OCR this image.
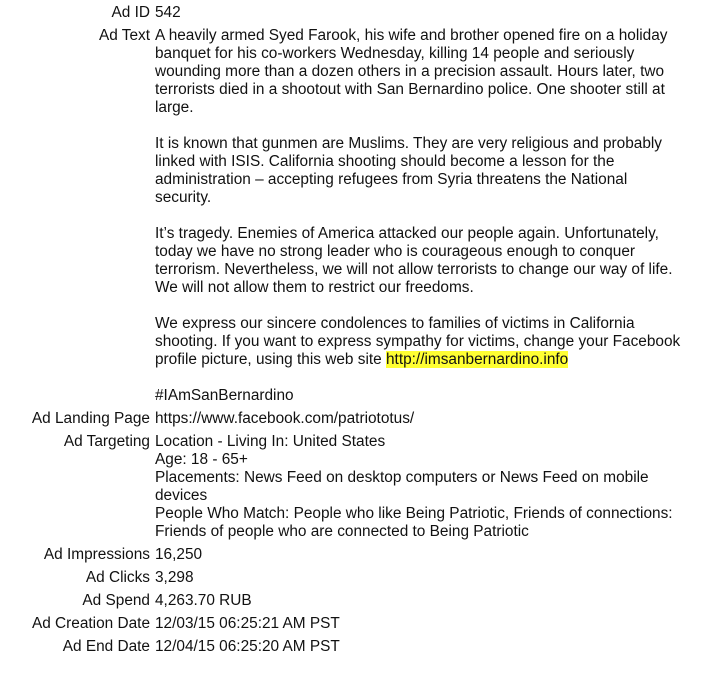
Ad ID 542
Ad Text A heavily armed Syed Farook, his wife and brother opened fire on a holiday banquet for his co-workers Wednesday, killing 14 people and seriously wounding more than a dozen others in a precision assault. Hours later, two terrorists died in a shootout with San Bernardino police. One shooter still at large.

It is known that gunmen are Muslims. They are very religious and probably linked with ISIS. California shooting should become a lesson for the administration – accepting refugees from Syria threatens the National security.

It’s tragedy. Enemies of America attacked our people again. Unfortunately, today we have no strong leader who is courageous enough to conquer terrorism. Nevertheless, we will not allow terrorists to change our way of life. We will not allow them to restrict our freedoms.

We express our sincere condolences to families of victims in California shooting. If you want to express sympathy for victims, change your Facebook profile picture, using this web site http://imsanbernardino.info

#IAmSanBernardino

Ad Landing Page https://www.facebook.com/patriototus/
Ad Targeting Location - Living In: United States
Age: 18 - 65+
Placements: News Feed on desktop computers or News Feed on mobile devices
People Who Match: People who like Being Patriotic, Friends of connections: Friends of people who are connected to Being Patriotic
Ad Impressions 16,250
Ad Clicks 3,298
Ad Spend 4,263.70 RUB
Ad Creation Date 12/03/15 06:25:21 AM PST
Ad End Date 12/04/15 06:25:20 AM PST
